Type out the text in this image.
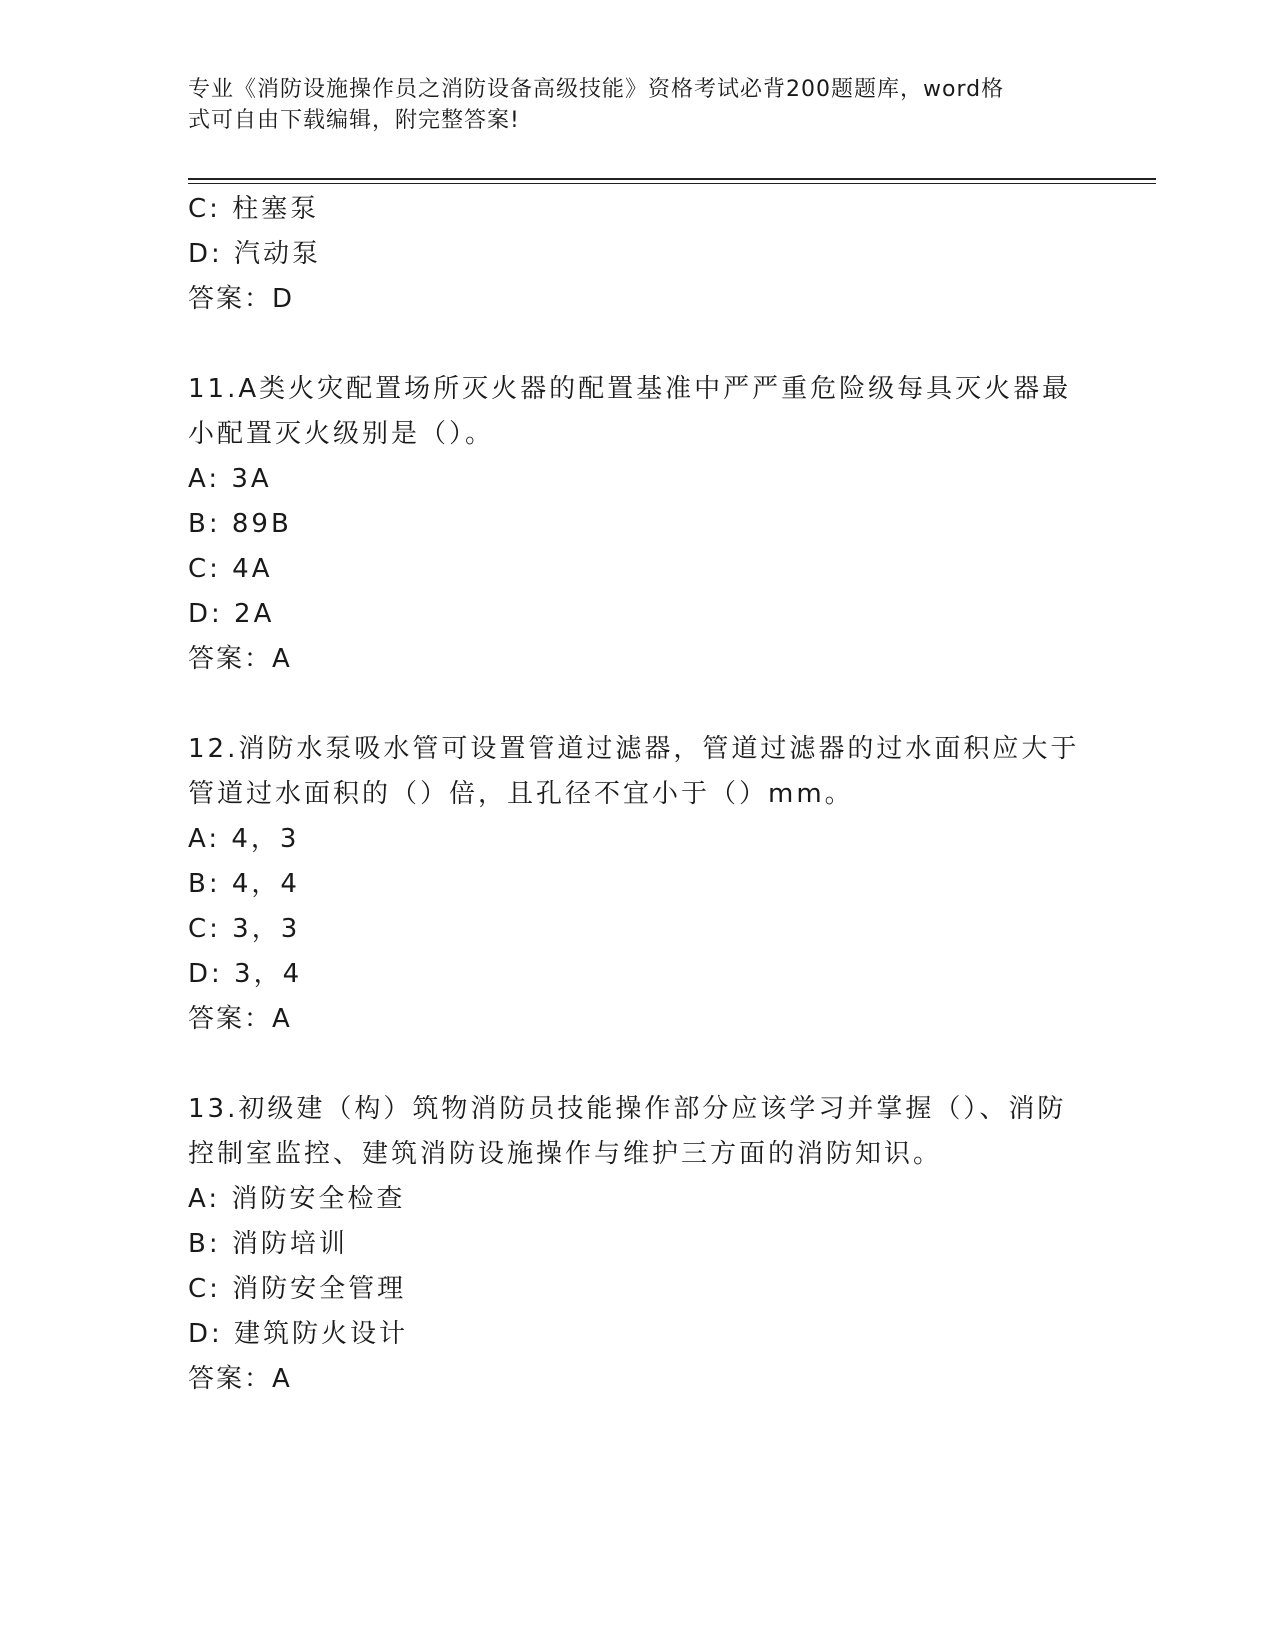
专业《消防设施操作员之消防设备高级技能》资格考试必背200题题库，word格
式可自由下载编辑，附完整答案!
C: 柱塞泵
D: 汽动泵
答案：D
11.A类火灾配置场所灭火器的配置基准中严严重危险级每具灭火器最
小配置灭火级别是（）。
A: 3A
B: 89B
C: 4A
D: 2A
答案：A
12.消防水泵吸水管可设置管道过滤器，管道过滤器的过水面积应大于
管道过水面积的（）倍，且孔径不宜小于（）mm。
A: 4，3
B: 4，4
C: 3，3
D: 3，4
答案：A
13.初级建（构）筑物消防员技能操作部分应该学习并掌握（）、消防
控制室监控、建筑消防设施操作与维护三方面的消防知识。
A: 消防安全检查
B: 消防培训
C: 消防安全管理
D: 建筑防火设计
答案：A
